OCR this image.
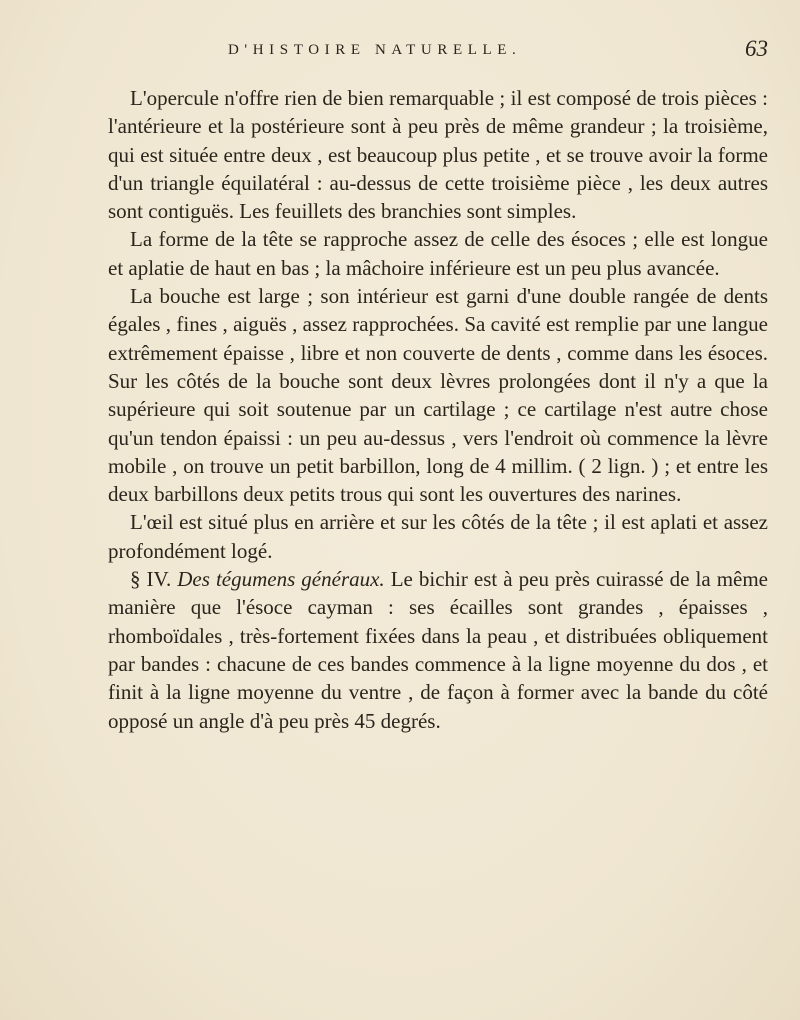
D'HISTOIRE NATURELLE.	63

L'opercule n'offre rien de bien remarquable ; il est composé de trois pièces : l'antérieure et la postérieure sont à peu près de même grandeur ; la troisième, qui est située entre deux , est beaucoup plus petite , et se trouve avoir la forme d'un triangle équilatéral : au-dessus de cette troisième pièce , les deux autres sont contiguës. Les feuillets des branchies sont simples.

La forme de la tête se rapproche assez de celle des ésoces ; elle est longue et aplatie de haut en bas ; la mâchoire inférieure est un peu plus avancée.

La bouche est large ; son intérieur est garni d'une double rangée de dents égales , fines , aiguës , assez rapprochées. Sa cavité est remplie par une langue extrêmement épaisse , libre et non couverte de dents , comme dans les ésoces. Sur les côtés de la bouche sont deux lèvres prolongées dont il n'y a que la supérieure qui soit soutenue par un cartilage ; ce cartilage n'est autre chose qu'un tendon épaissi : un peu au-dessus , vers l'endroit où commence la lèvre mobile , on trouve un petit barbillon, long de 4 millim. ( 2 lign. ) ; et entre les deux barbillons deux petits trous qui sont les ouvertures des narines.

L'œil est situé plus en arrière et sur les côtés de la tête ; il est aplati et assez profondément logé.

§ IV. Des tégumens généraux. Le bichir est à peu près cuirassé de la même manière que l'ésoce cayman : ses écailles sont grandes , épaisses , rhomboïdales , très-fortement fixées dans la peau , et distribuées obliquement par bandes : chacune de ces bandes commence à la ligne moyenne du dos , et finit à la ligne moyenne du ventre , de façon à former avec la bande du côté opposé un angle d'à peu près 45 degrés.
